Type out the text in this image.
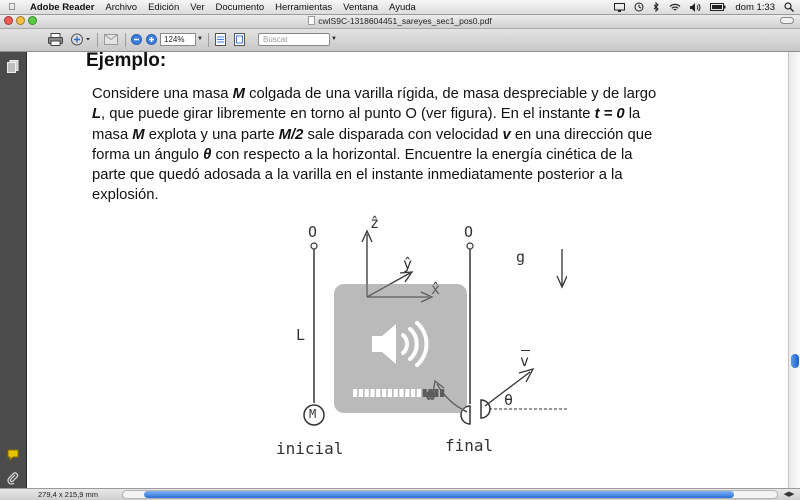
Adobe Reader Archivo Edición Ver Documento Herramientas Ventana Ayuda	dom 1:33
cwlS9C-1318604451_sareyes_sec1_pos0.pdf
124%	▼	Buscar	▼
Ejemplo:

Considere una masa M colgada de una varilla rígida, de masa despreciable y de largo
L, que puede girar libremente en torno al punto O (ver figura). En el instante t = 0 la
masa M explota y una parte M/2 sale disparada con velocidad v en una dirección que
forma un ángulo θ con respecto a la horizontal. Encuentre la energía cinética de la
parte que quedó adosada a la varilla en el instante inmediatamente posterior a la
explosión.

O	O
ẑ
ŷ	g
L
M
v
θ
inicial	final
279,4 x 215,9 mm	◀▶
